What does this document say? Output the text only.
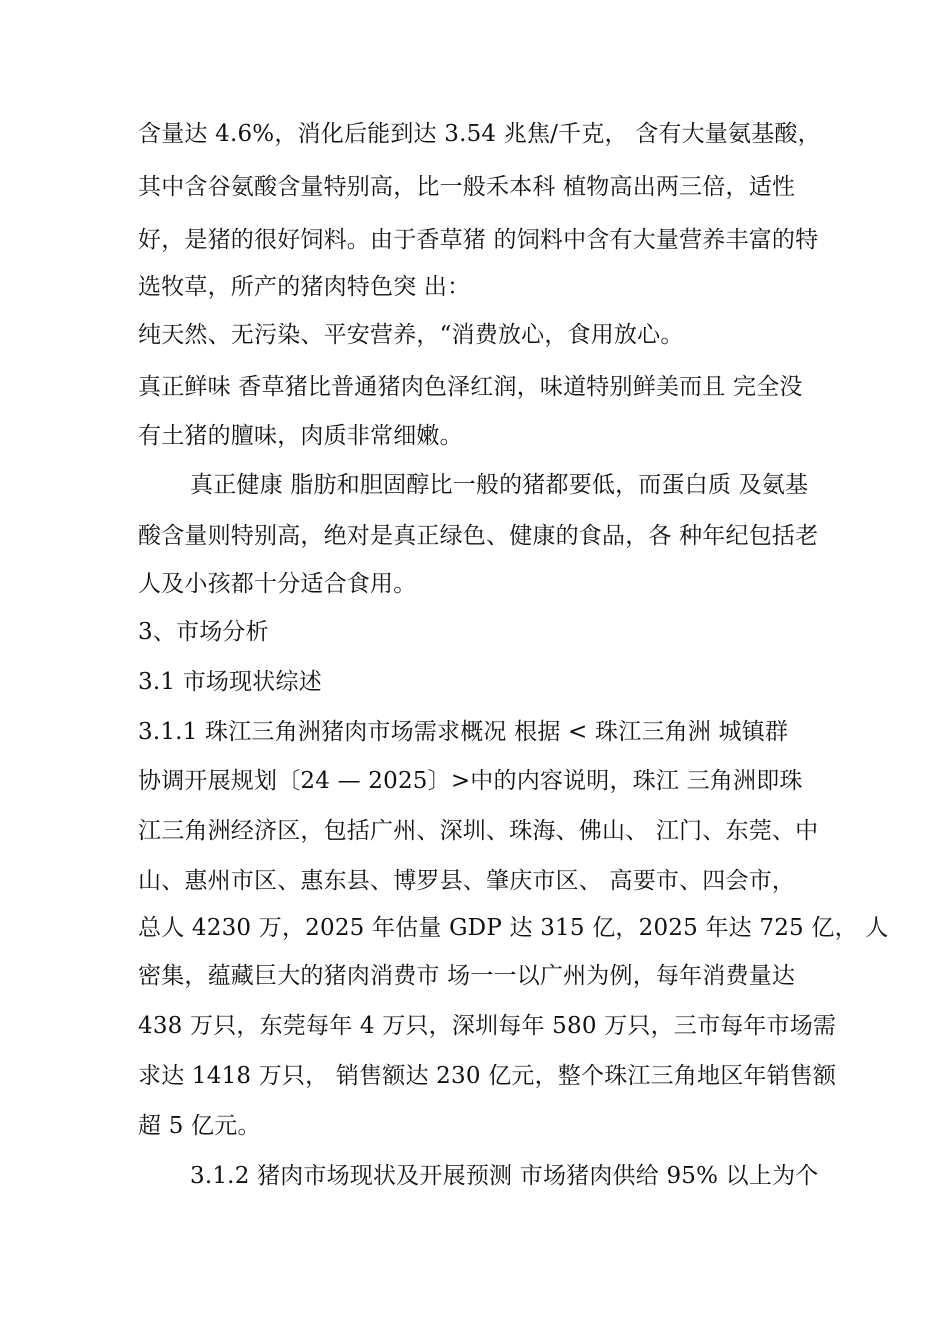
含量达 4.6%，消化后能到达 3.54 兆焦/千克， 含有大量氨基酸，
其中含谷氨酸含量特别高，比一般禾本科 植物高出两三倍，适性
好，是猪的很好饲料。由于香草猪 的饲料中含有大量营养丰富的特
选牧草，所产的猪肉特色突 出：
纯天然、无污染、平安营养，“消费放心，食用放心。
真正鲜味 香草猪比普通猪肉色泽红润，味道特别鲜美而且 完全没
有土猪的膻味，肉质非常细嫩。
真正健康 脂肪和胆固醇比一般的猪都要低，而蛋白质 及氨基
酸含量则特别高，绝对是真正绿色、健康的食品，各 种年纪包括老
人及小孩都十分适合食用。
3、市场分析
3.1 市场现状综述
3.1.1 珠江三角洲猪肉市场需求概况 根据 < 珠江三角洲 城镇群
协调开展规划〔24 — 2025〕>中的内容说明，珠江 三角洲即珠
江三角洲经济区，包括广州、深圳、珠海、佛山、 江门、东莞、中
山、惠州市区、惠东县、博罗县、肇庆市区、 高要市、四会市，
总人 4230 万，2025 年估量 GDP 达 315 亿，2025 年达 725 亿， 人
密集，蕴藏巨大的猪肉消费市 场一一以广州为例，每年消费量达
438 万只，东莞每年 4 万只，深圳每年 580 万只，三市每年市场需
求达 1418 万只， 销售额达 230 亿元，整个珠江三角地区年销售额
超 5 亿元。
3.1.2 猪肉市场现状及开展预测 市场猪肉供给 95% 以上为个
